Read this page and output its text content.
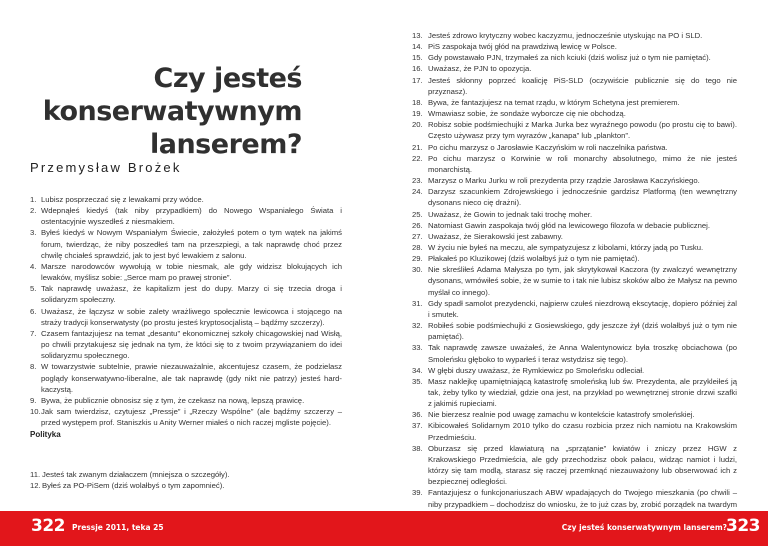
Czy jesteś
konserwatywnym
lanserem?
Przemysław Brożek
1. Lubisz posprzeczać się z lewakami przy wódce.
2. Wdepnąłeś kiedyś (tak niby przypadkiem) do Nowego Wspaniałego Świata i ostentacyjnie wyszedłeś z niesmakiem.
3. Byłeś kiedyś w Nowym Wspaniałym Świecie, założyłeś potem o tym wątek na jakimś forum, twierdząc, że niby poszedłeś tam na przeszpiegi, a tak naprawdę choć przez chwilę chciałeś sprawdzić, jak to jest być lewakiem z salonu.
4. Marsze narodowców wywołują w tobie niesmak, ale gdy widzisz blokujących ich lewaków, myślisz sobie: „Serce mam po prawej stronie”.
5. Tak naprawdę uważasz, że kapitalizm jest do dupy. Marzy ci się trzecia droga i solidaryzm społeczny.
6. Uważasz, że łączysz w sobie zalety wrażliwego społecznie lewicowca i stojącego na straży tradycji konserwatysty (po prostu jesteś kryptosocjalistą – bądźmy szczerzy).
7. Czasem fantazjujesz na temat „desantu” ekonomicznej szkoły chicagowskiej nad Wisłą, po chwili przytakujesz się jednak na tym, że któci się to z twoim przywiązaniem do idei solidaryzmu społecznego.
8. W towarzystwie subtelnie, prawie niezauważalnie, akcentujesz czasem, że podzielasz poglądy konserwatywno-liberalne, ale tak naprawdę (gdy nikt nie patrzy) jesteś hard-kaczystą.
9. Bywa, że publicznie obnosisz się z tym, że czekasz na nową, lepszą prawicę.
10. Jak sam twierdzisz, czytujesz „Pressje” i „Rzeczy Wspólne” (ale bądźmy szczerzy – przed występem prof. Staniszkis u Anity Werner miałeś o nich raczej mgliste pojęcie).
Polityka
11. Jesteś tak zwanym działaczem (mniejsza o szczegóły).
12. Byłeś za PO-PiSem (dziś wolałbyś o tym zapomnieć).
322 Pressje 2011, teka 25
13. Jesteś zdrowo krytyczny wobec kaczyzmu, jednocześnie utyskując na PO i SLD.
14. PiS zaspokaja twój głód na prawdziwą lewicę w Polsce.
15. Gdy powstawało PJN, trzymałeś za nich kciuki (dziś wolisz już o tym nie pamiętać).
16. Uważasz, że PJN to opozycja.
17. Jesteś skłonny poprzeć koalicję PiS-SLD (oczywiście publicznie się do tego nie przyznasz).
18. Bywa, że fantazjujesz na temat rządu, w którym Schetyna jest premierem.
19. Wmawiasz sobie, że sondaże wyborcze cię nie obchodzą.
20. Robisz sobie podśmiechujki z Marka Jurka bez wyraźnego powodu (po prostu cię to bawi). Często używasz przy tym wyrazów „kanapa” lub „plankton”.
21. Po cichu marzysz o Jarosławie Kaczyńskim w roli naczelnika państwa.
22. Po cichu marzysz o Korwinie w roli monarchy absolutnego, mimo że nie jesteś monarchistą.
23. Marzysz o Marku Jurku w roli prezydenta przy rządzie Jarosława Kaczyńskiego.
24. Darzysz szacunkiem Zdrojewskiego i jednocześnie gardzisz Platformą (ten wewnętrzny dysonans nieco cię drażni).
25. Uważasz, że Gowin to jednak taki trochę moher.
26. Natomiast Gawin zaspokaja twój głód na lewicowego filozofa w debacie publicznej.
27. Uważasz, że Sierakowski jest zabawny.
28. W życiu nie byłeś na meczu, ale sympatyzujesz z kibolami, którzy jadą po Tusku.
29. Płakałeś po Kluzikowej (dziś wolałbyś już o tym nie pamiętać).
30. Nie skreśliłeś Adama Małysza po tym, jak skrytykował Kaczora (ty zwalczyć wewnętrzny dysonans, wmówiłeś sobie, że w sumie to i tak nie lubisz skoków albo że Małysz na pewno myślał co innego).
31. Gdy spadł samolot prezydencki, najpierw czułeś niezdrową ekscytację, dopiero później żal i smutek.
32. Robiłeś sobie podśmiechujki z Gosiewskiego, gdy jeszcze żył (dziś wolałbyś już o tym nie pamiętać).
33. Tak naprawdę zawsze uważałeś, że Anna Walentynowicz była troszkę obciachowa (po Smoleńsku głęboko to wyparłeś i teraz wstydzisz się tego).
34. W głębi duszy uważasz, że Rymkiewicz po Smoleńsku odleciał.
35. Masz naklejkę upamiętniającą katastrofę smoleńską lub św. Prezydenta, ale przykleiłeś ją tak, żeby tylko ty wiedział, gdzie ona jest, na przykład po wewnętrznej stronie drzwi szafki z jakimiś rupieciami.
36. Nie bierzesz realnie pod uwagę zamachu w kontekście katastrofy smoleńskiej.
37. Kibicowałeś Solidarnym 2010 tylko do czasu rozbicia przez nich namiotu na Krakowskim Przedmieściu.
38. Oburzasz się przed klawiaturą na „sprzątanie” kwiatów i zniczy przez HGW z Krakowskiego Przedmieścia, ale gdy przechodzisz obok pałacu, widząc namiot i ludzi, którzy się tam modlą, starasz się raczej przemknąć niezauważony lub obserwować ich z bezpiecznej odległości.
39. Fantazjujesz o funkcjonariuszach ABW wpadających do Twojego mieszkania (po chwili – niby przypadkiem – dochodzisz do wniosku, że to już czas by, zrobić porządek na twardym
Czy jesteś konserwatywnym lanserem? 323
